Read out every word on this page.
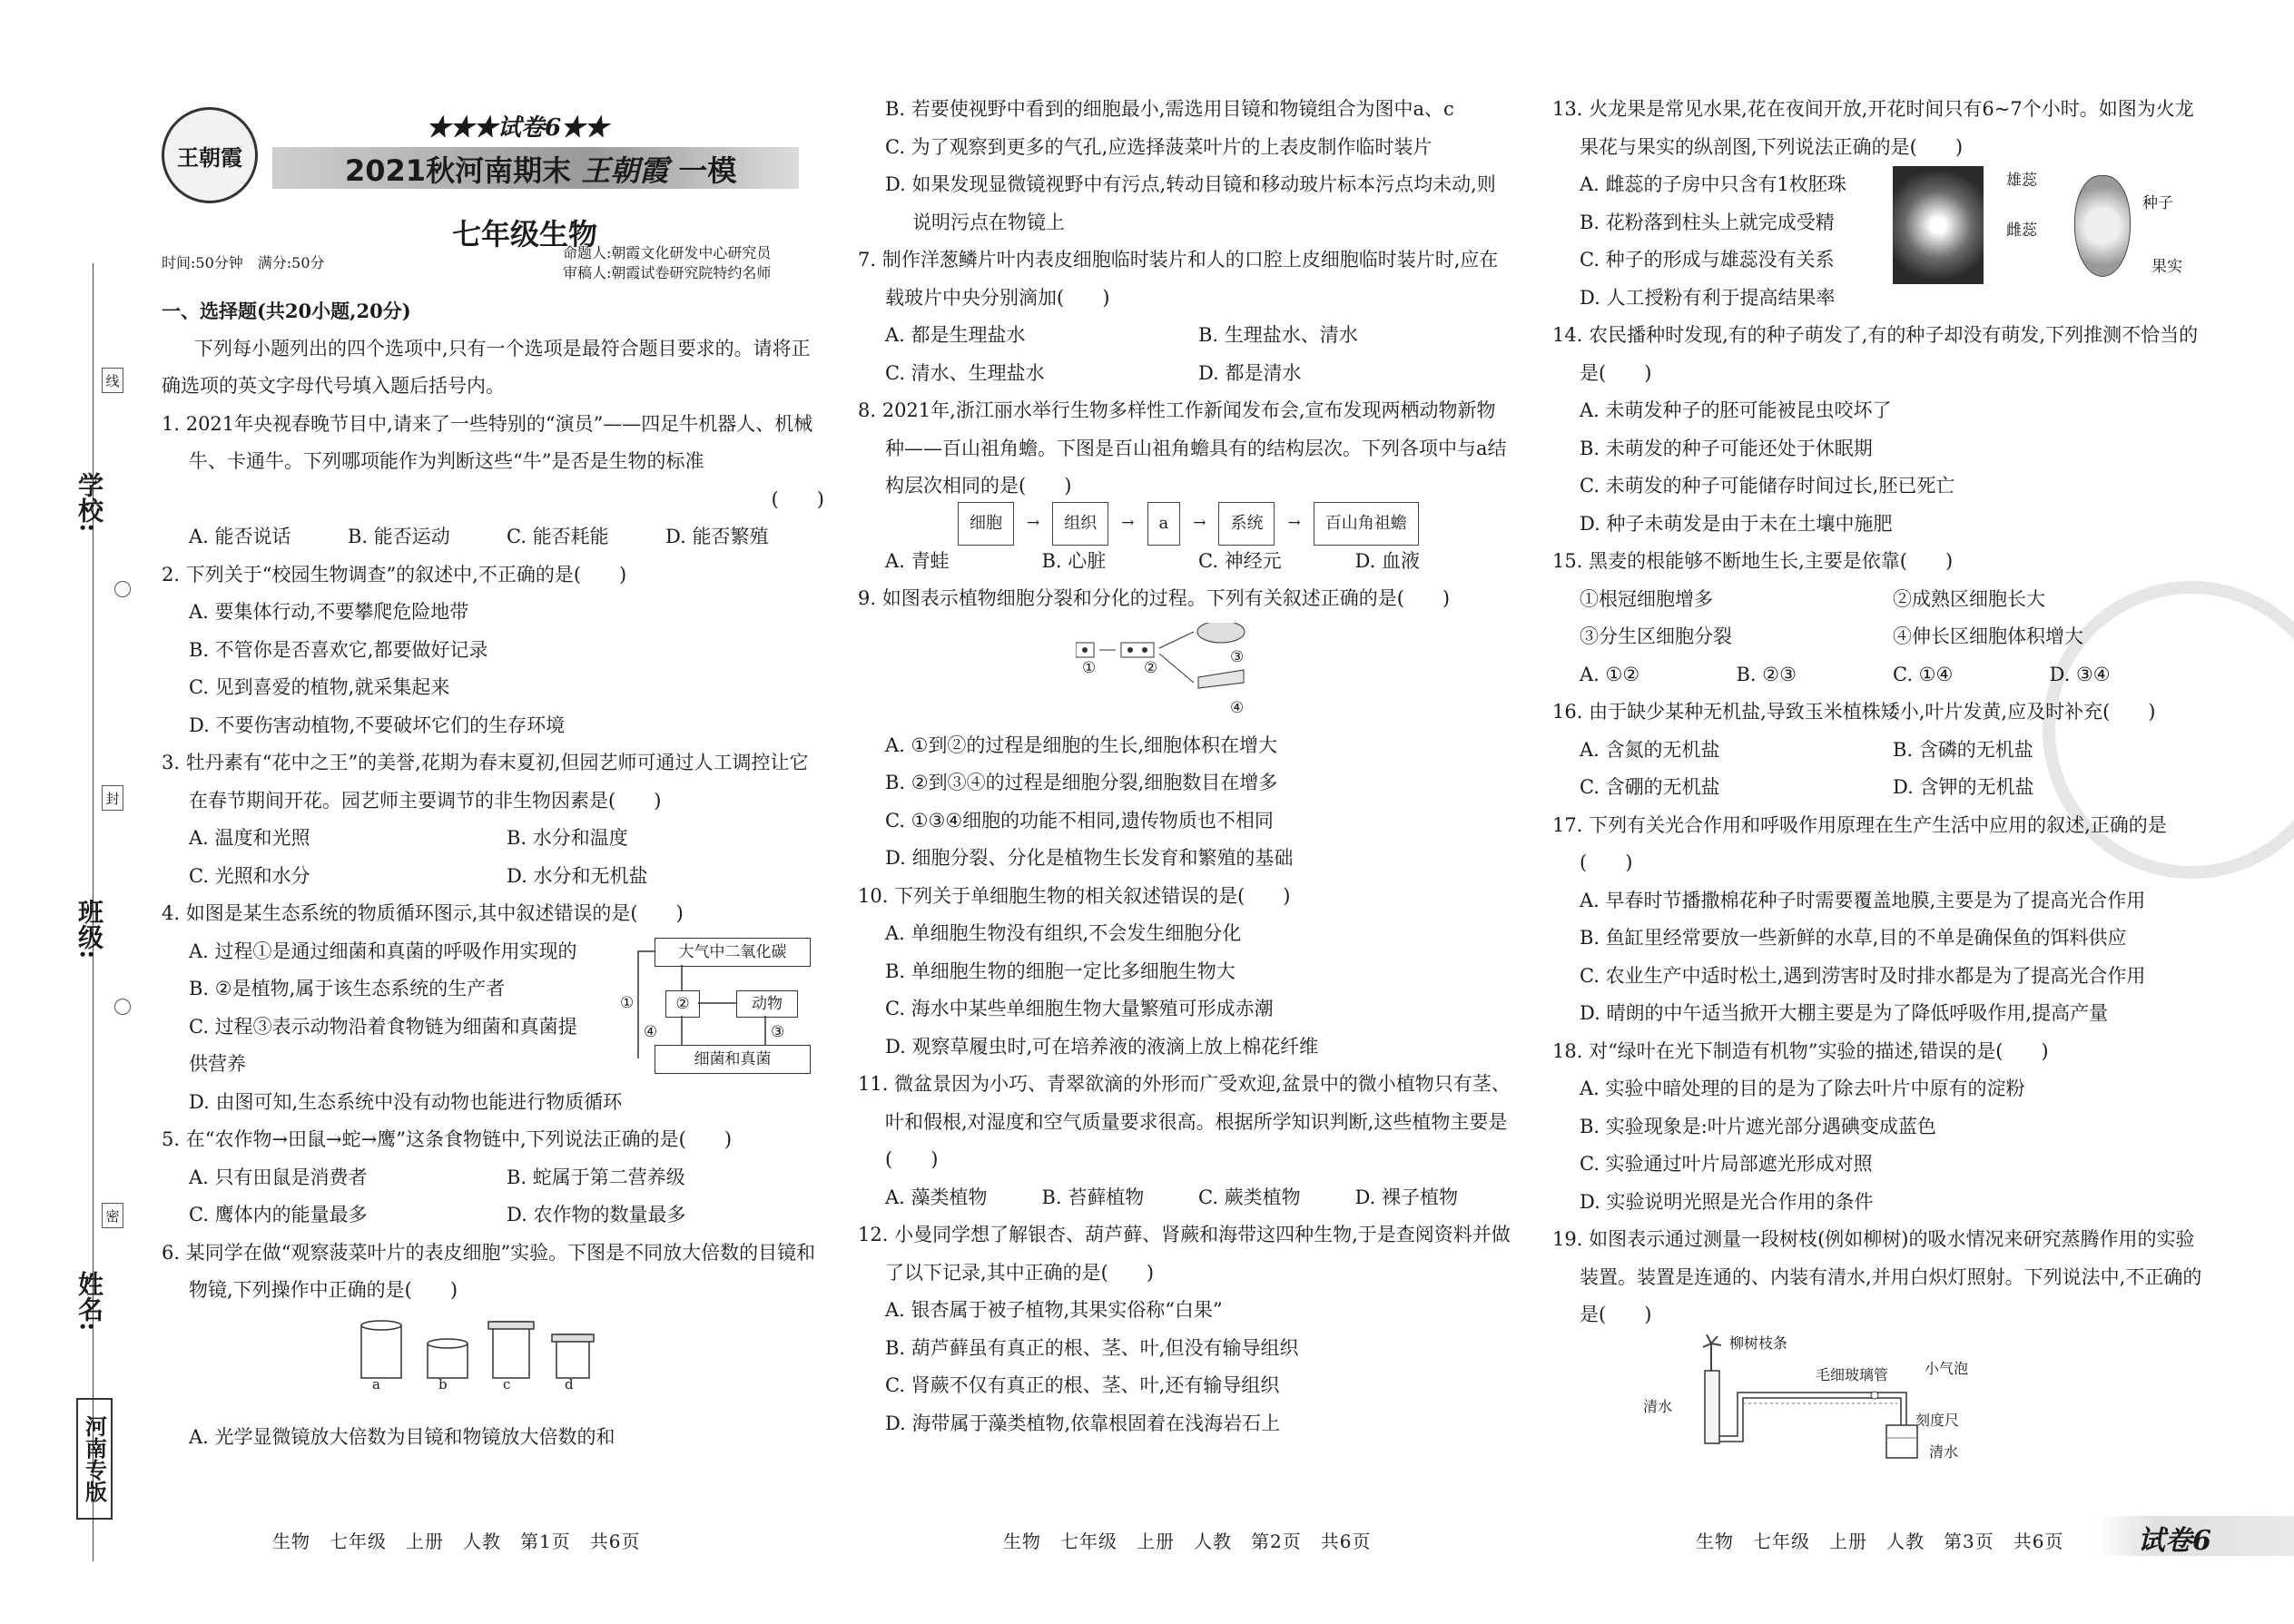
线
封
密
学校:
班级:
姓名:
河南专版
王朝霞
★★★试卷6★★
2021秋河南期末 王朝霞 一模
七年级生物
时间:50分钟　 满分:50分
命题人:朝霞文化研发中心研究员
审稿人:朝霞试卷研究院特约名师

一、选择题(共20小题,20分)

下列每小题列出的四个选项中,只有一个选项是最符合题目要求的。请将正确选项的英文字母代号填入题后括号内。

1. 2021年央视春晚节目中,请来了一些特别的“演员”——四足牛机器人、机械牛、卡通牛。下列哪项能作为判断这些“牛”是否是生物的标准

(　　)

A. 能否说话	B. 能否运动	C. 能否耗能	D. 能否繁殖

2. 下列关于“校园生物调查”的叙述中,不正确的是(　　)

A. 要集体行动,不要攀爬危险地带

B. 不管你是否喜欢它,都要做好记录

C. 见到喜爱的植物,就采集起来

D. 不要伤害动植物,不要破坏它们的生存环境

3. 牡丹素有“花中之王”的美誉,花期为春末夏初,但园艺师可通过人工调控让它在春节期间开花。园艺师主要调节的非生物因素是(　　)

A. 温度和光照	B. 水分和温度
C. 光照和水分	D. 水分和无机盐

4. 如图是某生态系统的物质循环图示,其中叙述错误的是(　　)

A. 过程①是通过细菌和真菌的呼吸作用实现的

B. ②是植物,属于该生态系统的生产者

C. 过程③表示动物沿着食物链为细菌和真菌提供营养

大气中二氧化碳
②	动物
细菌和真菌
①
④	③

D. 由图可知,生态系统中没有动物也能进行物质循环

5. 在“农作物→田鼠→蛇→鹰”这条食物链中,下列说法正确的是(　　)

A. 只有田鼠是消费者	B. 蛇属于第二营养级
C. 鹰体内的能量最多	D. 农作物的数量最多

6. 某同学在做“观察菠菜叶片的表皮细胞”实验。下图是不同放大倍数的目镜和物镜,下列操作中正确的是(　　)

a	b	c	d

A. 光学显微镜放大倍数为目镜和物镜放大倍数的和

B. 若要使视野中看到的细胞最小,需选用目镜和物镜组合为图中a、c

C. 为了观察到更多的气孔,应选择菠菜叶片的上表皮制作临时装片

D. 如果发现显微镜视野中有污点,转动目镜和移动玻片标本污点均未动,则说明污点在物镜上

7. 制作洋葱鳞片叶内表皮细胞临时装片和人的口腔上皮细胞临时装片时,应在载玻片中央分别滴加(　　)

A. 都是生理盐水	B. 生理盐水、清水
C. 清水、生理盐水	D. 都是清水

8. 2021年,浙江丽水举行生物多样性工作新闻发布会,宣布发现两栖动物新物种——百山祖角蟾。下图是百山祖角蟾具有的结构层次。下列各项中与a结构层次相同的是(　　)

细胞	→	组织	→	a	→	系统	→	百山角祖蟾
A. 青蛙	B. 心脏	C. 神经元	D. 血液

9. 如图表示植物细胞分裂和分化的过程。下列有关叙述正确的是(　　)

①	②
③
④

A. ①到②的过程是细胞的生长,细胞体积在增大

B. ②到③④的过程是细胞分裂,细胞数目在增多

C. ①③④细胞的功能不相同,遗传物质也不相同

D. 细胞分裂、分化是植物生长发育和繁殖的基础

10. 下列关于单细胞生物的相关叙述错误的是(　　)

A. 单细胞生物没有组织,不会发生细胞分化

B. 单细胞生物的细胞一定比多细胞生物大

C. 海水中某些单细胞生物大量繁殖可形成赤潮

D. 观察草履虫时,可在培养液的液滴上放上棉花纤维

11. 微盆景因为小巧、青翠欲滴的外形而广受欢迎,盆景中的微小植物只有茎、叶和假根,对湿度和空气质量要求很高。根据所学知识判断,这些植物主要是(　　)

A. 藻类植物	B. 苔藓植物	C. 蕨类植物	D. 裸子植物

12. 小曼同学想了解银杏、葫芦藓、肾蕨和海带这四种生物,于是查阅资料并做了以下记录,其中正确的是(　　)

A. 银杏属于被子植物,其果实俗称“白果”

B. 葫芦藓虽有真正的根、茎、叶,但没有输导组织

C. 肾蕨不仅有真正的根、茎、叶,还有输导组织

D. 海带属于藻类植物,依靠根固着在浅海岩石上

13. 火龙果是常见水果,花在夜间开放,开花时间只有6~7个小时。如图为火龙果花与果实的纵剖图,下列说法正确的是(　　)

A. 雌蕊的子房中只含有1枚胚珠

B. 花粉落到柱头上就完成受精

C. 种子的形成与雄蕊没有关系

D. 人工授粉有利于提高结果率

雄蕊
雌蕊
种子
果实

14. 农民播种时发现,有的种子萌发了,有的种子却没有萌发,下列推测不恰当的是(　　)

A. 未萌发种子的胚可能被昆虫咬坏了

B. 未萌发的种子可能还处于休眠期

C. 未萌发的种子可能储存时间过长,胚已死亡

D. 种子未萌发是由于未在土壤中施肥

15. 黑麦的根能够不断地生长,主要是依靠(　　)

①根冠细胞增多	②成熟区细胞长大
③分生区细胞分裂	④伸长区细胞体积增大
A. ①②	B. ②③	C. ①④	D. ③④

16. 由于缺少某种无机盐,导致玉米植株矮小,叶片发黄,应及时补充(　　)

A. 含氮的无机盐	B. 含磷的无机盐
C. 含硼的无机盐	D. 含钾的无机盐

17. 下列有关光合作用和呼吸作用原理在生产生活中应用的叙述,正确的是(　　)

A. 早春时节播撒棉花种子时需要覆盖地膜,主要是为了提高光合作用

B. 鱼缸里经常要放一些新鲜的水草,目的不单是确保鱼的饵料供应

C. 农业生产中适时松土,遇到涝害时及时排水都是为了提高光合作用

D. 晴朗的中午适当掀开大棚主要是为了降低呼吸作用,提高产量

18. 对“绿叶在光下制造有机物”实验的描述,错误的是(　　)

A. 实验中暗处理的目的是为了除去叶片中原有的淀粉

B. 实验现象是:叶片遮光部分遇碘变成蓝色

C. 实验通过叶片局部遮光形成对照

D. 实验说明光照是光合作用的条件

19. 如图表示通过测量一段树枝(例如柳树)的吸水情况来研究蒸腾作用的实验装置。装置是连通的、内装有清水,并用白炽灯照射。下列说法中,不正确的是(　　)

柳树枝条
毛细玻璃管 小气泡
清水
刻度尺
清水
生物　七年级　上册　人教　第1页　共6页	生物　七年级　上册　人教　第2页　共6页	生物　七年级　上册　人教　第3页　共6页	试卷6
